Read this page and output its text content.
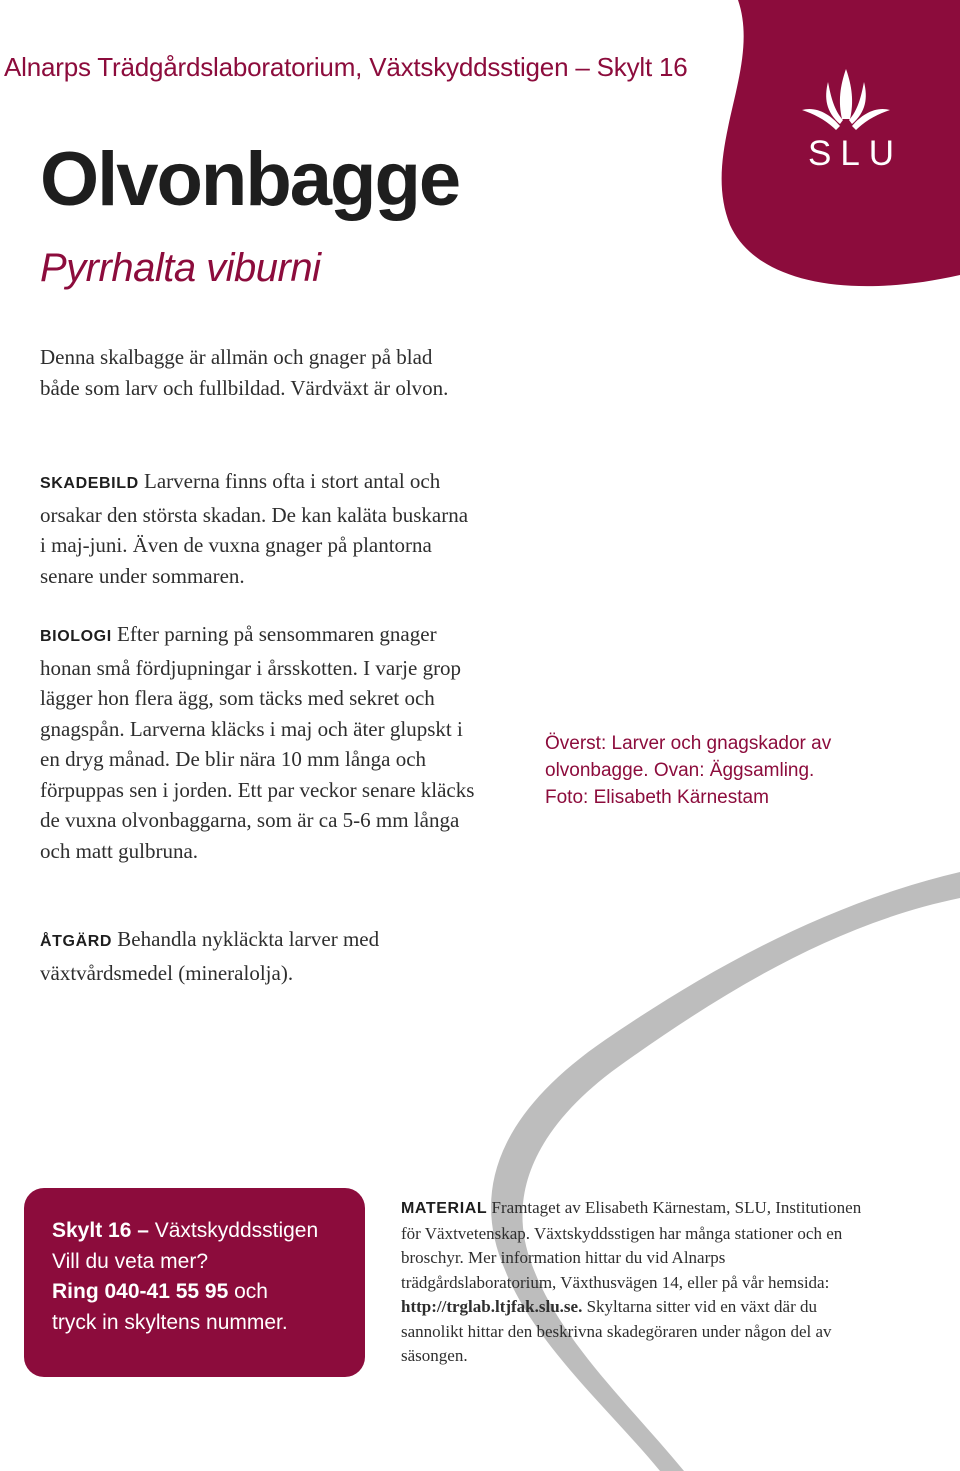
SLU
Alnarps Trädgårdslaboratorium, Växtskyddsstigen – Skylt 16
Olvonbagge
Pyrrhalta viburni

Denna skalbagge är allmän och gnager på blad både som larv och fullbildad. Värdväxt är olvon.

SKADEBILD Larverna finns ofta i stort antal och orsakar den största skadan. De kan kaläta buskarna i maj-juni. Även de vuxna gnager på plantorna senare under sommaren.

BIOLOGI Efter parning på sensommaren gnager honan små fördjupningar i årsskotten. I varje grop lägger hon flera ägg, som täcks med sekret och gnagspån. Larverna kläcks i maj och äter glupskt i en dryg månad. De blir nära 10 mm långa och förpuppas sen i jorden. Ett par veckor senare kläcks de vuxna olvonbaggarna, som är ca 5-6 mm långa och matt gulbruna.

ÅTGÄRD Behandla nykläckta larver med växtvårdsmedel (mineralolja).

Överst: Larver och gnagskador av olvonbagge. Ovan: Äggsamling. Foto: Elisabeth Kärnestam
Skylt 16 – Växtskyddsstigen
Vill du veta mer?
Ring 040-41 55 95 och
tryck in skyltens nummer.

MATERIAL Framtaget av Elisabeth Kärnestam, SLU, Institutionen för Växtvetenskap. Växtskyddsstigen har många stationer och en broschyr. Mer information hittar du vid Alnarps trädgårdslaboratorium, Växthusvägen 14, eller på vår hemsida: http://trglab.ltjfak.slu.se. Skyltarna sitter vid en växt där du sannolikt hittar den beskrivna skadegöraren under någon del av säsongen.
